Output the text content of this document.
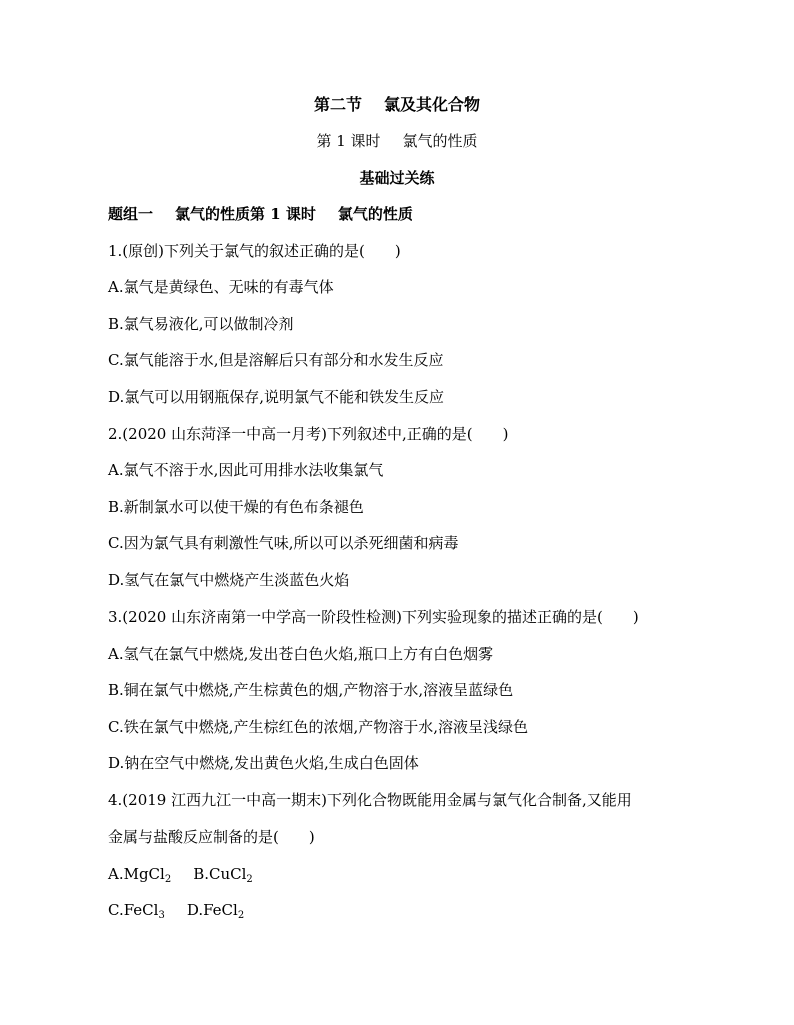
第二节 氯及其化合物
第 1 课时 氯气的性质
基础过关练
题组一 氯气的性质第 1 课时 氯气的性质
1.(原创)下列关于氯气的叙述正确的是(　　)
A.氯气是黄绿色、无味的有毒气体
B.氯气易液化,可以做制冷剂
C.氯气能溶于水,但是溶解后只有部分和水发生反应
D.氯气可以用钢瓶保存,说明氯气不能和铁发生反应
2.(2020 山东菏泽一中高一月考)下列叙述中,正确的是(　　)
A.氯气不溶于水,因此可用排水法收集氯气
B.新制氯水可以使干燥的有色布条褪色
C.因为氯气具有刺激性气味,所以可以杀死细菌和病毒
D.氢气在氯气中燃烧产生淡蓝色火焰
3.(2020 山东济南第一中学高一阶段性检测)下列实验现象的描述正确的是(　　)
A.氢气在氯气中燃烧,发出苍白色火焰,瓶口上方有白色烟雾
B.铜在氯气中燃烧,产生棕黄色的烟,产物溶于水,溶液呈蓝绿色
C.铁在氯气中燃烧,产生棕红色的浓烟,产物溶于水,溶液呈浅绿色
D.钠在空气中燃烧,发出黄色火焰,生成白色固体
4.(2019 江西九江一中高一期末)下列化合物既能用金属与氯气化合制备,又能用
金属与盐酸反应制备的是(　　)
A.MgCl$_2$ B.CuCl$_2$
C.FeCl$_3$ D.FeCl$_2$
